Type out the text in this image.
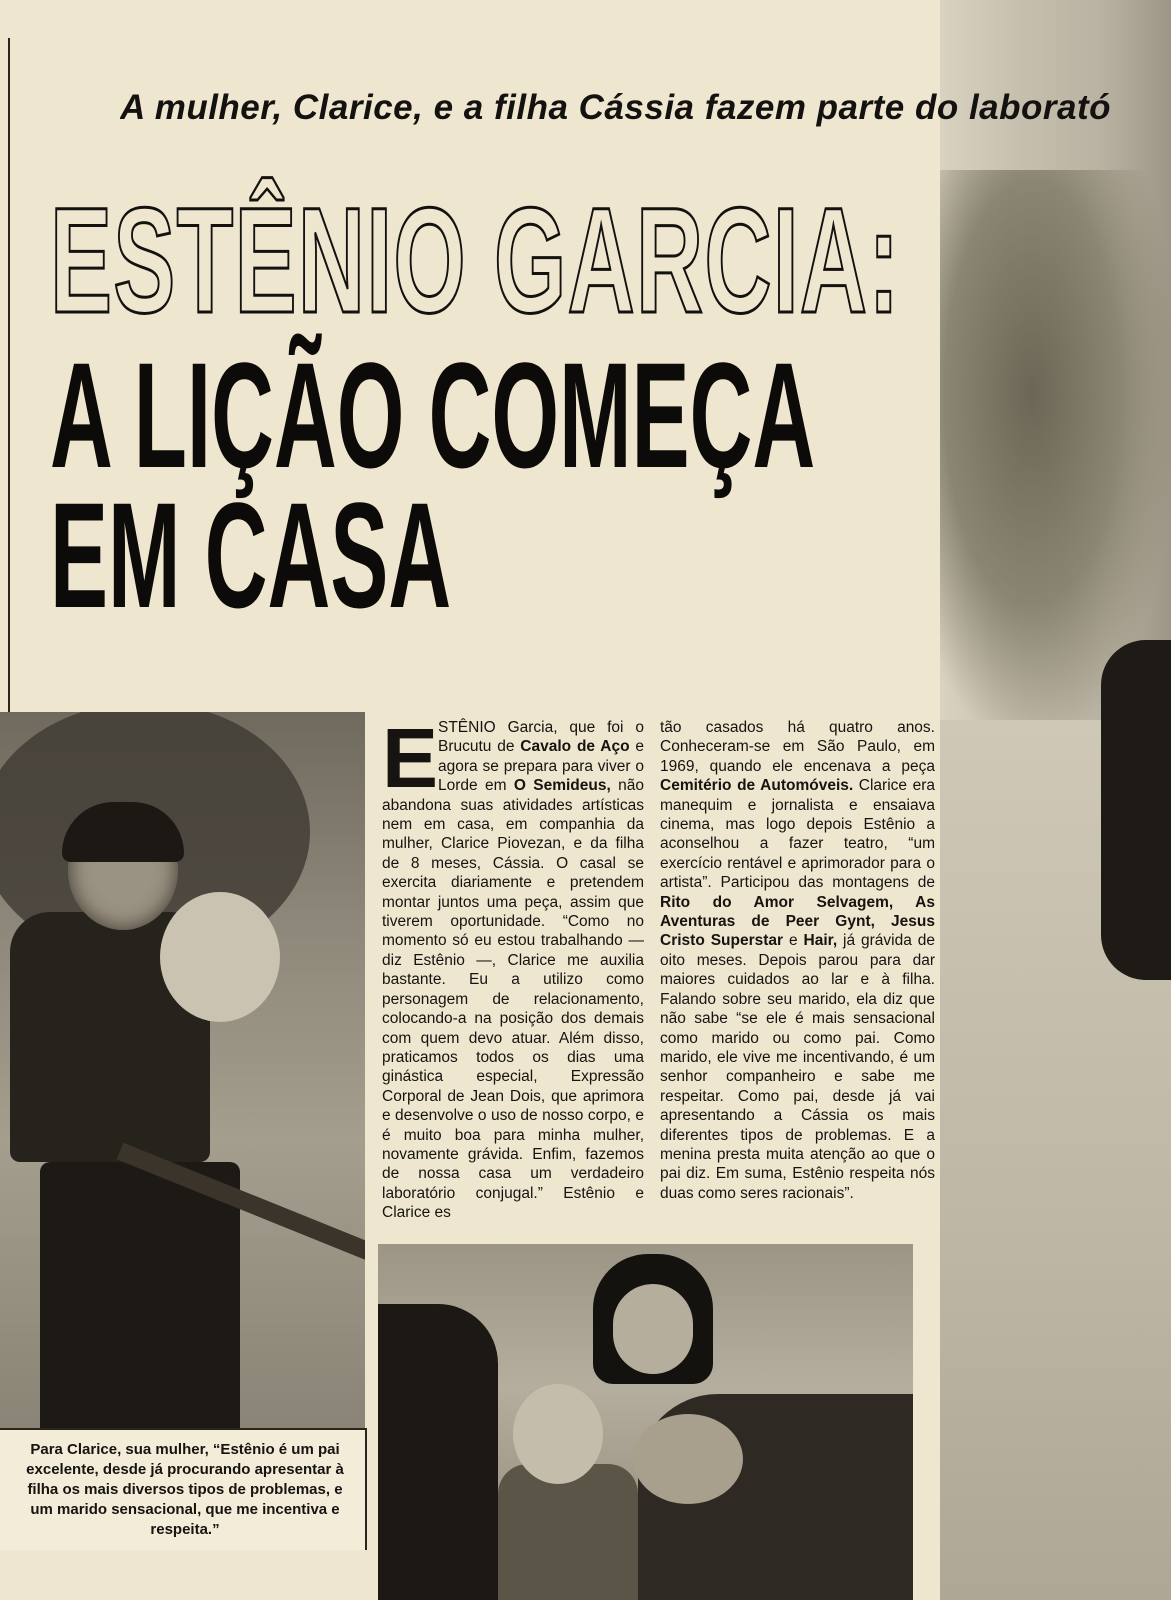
A mulher, Clarice, e a filha Cássia fazem parte do laborató
ESTÊNIO GARCIA:
A LIÇÃO COMEÇA
EM CASA
Para Clarice, sua mulher, “Estênio é um pai excelente, desde já procurando apresentar à filha os mais diversos tipos de problemas, e um marido sensacional, que me incentiva e respeita.”
ESTÊNIO Garcia, que foi o Brucutu de Cavalo de Aço e agora se prepara para viver o Lorde em O Semideus, não abandona suas atividades artísticas nem em casa, em companhia da mulher, Clarice Piovezan, e da filha de 8 meses, Cássia. O casal se exercita diariamente e pretendem montar juntos uma peça, assim que tiverem oportunidade. “Como no momento só eu estou trabalhando — diz Estênio —, Clarice me auxilia bastante. Eu a utilizo como personagem de relacionamento, colocando-a na posição dos demais com quem devo atuar. Além disso, praticamos todos os dias uma ginástica especial, Expressão Corporal de Jean Dois, que aprimora e desenvolve o uso de nosso corpo, e é muito boa para minha mulher, novamente grávida. Enfim, fazemos de nossa casa um verdadeiro laboratório conjugal.” Estênio e Clarice es
tão casados há quatro anos. Conheceram-se em São Paulo, em 1969, quando ele encenava a peça Cemitério de Automóveis. Clarice era manequim e jornalista e ensaiava cinema, mas logo depois Estênio a aconselhou a fazer teatro, “um exercício rentável e aprimorador para o artista”. Participou das montagens de Rito do Amor Selvagem, As Aventuras de Peer Gynt, Jesus Cristo Superstar e Hair, já grávida de oito meses. Depois parou para dar maiores cuidados ao lar e à filha. Falando sobre seu marido, ela diz que não sabe “se ele é mais sensacional como marido ou como pai. Como marido, ele vive me incentivando, é um senhor companheiro e sabe me respeitar. Como pai, desde já vai apresentando a Cássia os mais diferentes tipos de problemas. E a menina presta muita atenção ao que o pai diz. Em suma, Estênio respeita nós duas como seres racionais”.
